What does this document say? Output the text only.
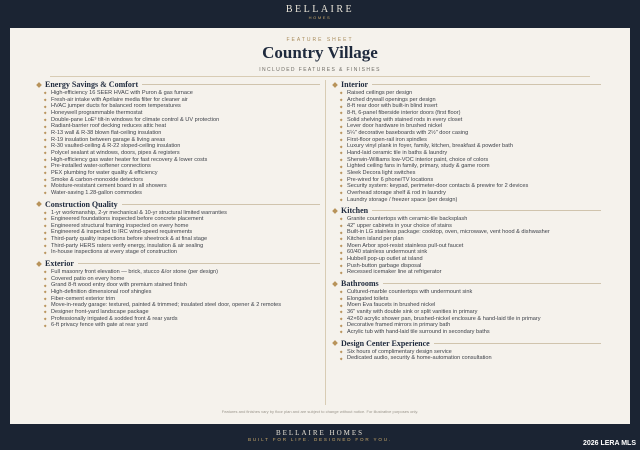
BELLAIRE
HOMES
FEATURE SHEET
Country Village
INCLUDED FEATURES & FINISHES
Energy Savings & Comfort
High-efficiency 16 SEER HVAC with Puron & gas furnace
Fresh-air intake with Aprilaire media filter for cleaner air
HVAC jumper ducts for balanced room temperatures
Honeywell programmable thermostat
Double-pane LoE³ tilt-in windows for climate control & UV protection
Radiant-barrier roof decking reduces attic heat
R-13 wall & R-38 blown flat-ceiling insulation
R-19 insulation between garage & living areas
R-30 vaulted-ceiling & R-22 sloped-ceiling insulation
Polycel sealant at windows, doors, pipes & registers
High-efficiency gas water heater for fast recovery & lower costs
Pre-installed water-softener connections
PEX plumbing for water quality & efficiency
Smoke & carbon-monoxide detectors
Moisture-resistant cement board in all showers
Water-saving 1.28-gallon commodes
Construction Quality
1-yr workmanship, 2-yr mechanical & 10-yr structural limited warranties
Engineered foundations inspected before concrete placement
Engineered structural framing inspected on every home
Engineered & inspected to IRC wind-speed requirements
Third-party quality inspections before sheetrock & at final stage
Third-party HERS raters verify energy, insulation & air sealing
In-house inspections at every stage of construction
Exterior
Full masonry front elevation — brick, stucco &/or stone (per design)
Covered patio on every home
Grand 8-ft wood entry door with premium stained finish
High-definition dimensional roof shingles
Fiber-cement exterior trim
Move-in-ready garage: textured, painted & trimmed; insulated steel door, opener & 2 remotes
Designer front-yard landscape package
Professionally irrigated & sodded front & rear yards
6-ft privacy fence with gate at rear yard
Interior
Raised ceilings per design
Arched drywall openings per design
8-ft rear door with built-in blind insert
8-ft, 6-panel fiberside interior doors (first floor)
Solid shelving with stained rods in every closet
Lever door hardware in brushed nickel
5¼" decorative baseboards with 2½" door casing
First-floor open-rail iron spindles
Luxury vinyl plank in foyer, family, kitchen, breakfast & powder bath
Hand-laid ceramic tile in baths & laundry
Sherwin-Williams low-VOC interior paint, choice of colors
Lighted ceiling fans in family, primary, study & game room
Sleek Decora light switches
Pre-wired for 6 phone/TV locations
Security system: keypad, perimeter-door contacts & prewire for 2 devices
Overhead storage shelf & rod in laundry
Laundry storage / freezer space (per design)
Kitchen
Granite countertops with ceramic-tile backsplash
42" upper cabinets in your choice of stains
Built-in LG stainless package: cooktop, oven, microwave, vent hood & dishwasher
Kitchen island per plan
Moen Arbor spot-resist stainless pull-out faucet
60/40 stainless undermount sink
Hubbell pop-up outlet at island
Push-button garbage disposal
Recessed icemaker line at refrigerator
Bathrooms
Cultured-marble countertops with undermount sink
Elongated toilets
Moen Eva faucets in brushed nickel
36" vanity with double sink or split vanities in primary
42×60 acrylic shower pan, brushed-nickel enclosure & hand-laid tile in primary
Decorative framed mirrors in primary bath
Acrylic tub with hand-laid tile surround in secondary baths
Design Center Experience
Six hours of complimentary design service
Dedicated audio, security & home-automation consultation
Features and finishes vary by floor plan and are subject to change without notice. For illustrative purposes only.
BELLAIRE HOMES
BUILT FOR LIFE. DESIGNED FOR YOU.
2026 LERA MLS
